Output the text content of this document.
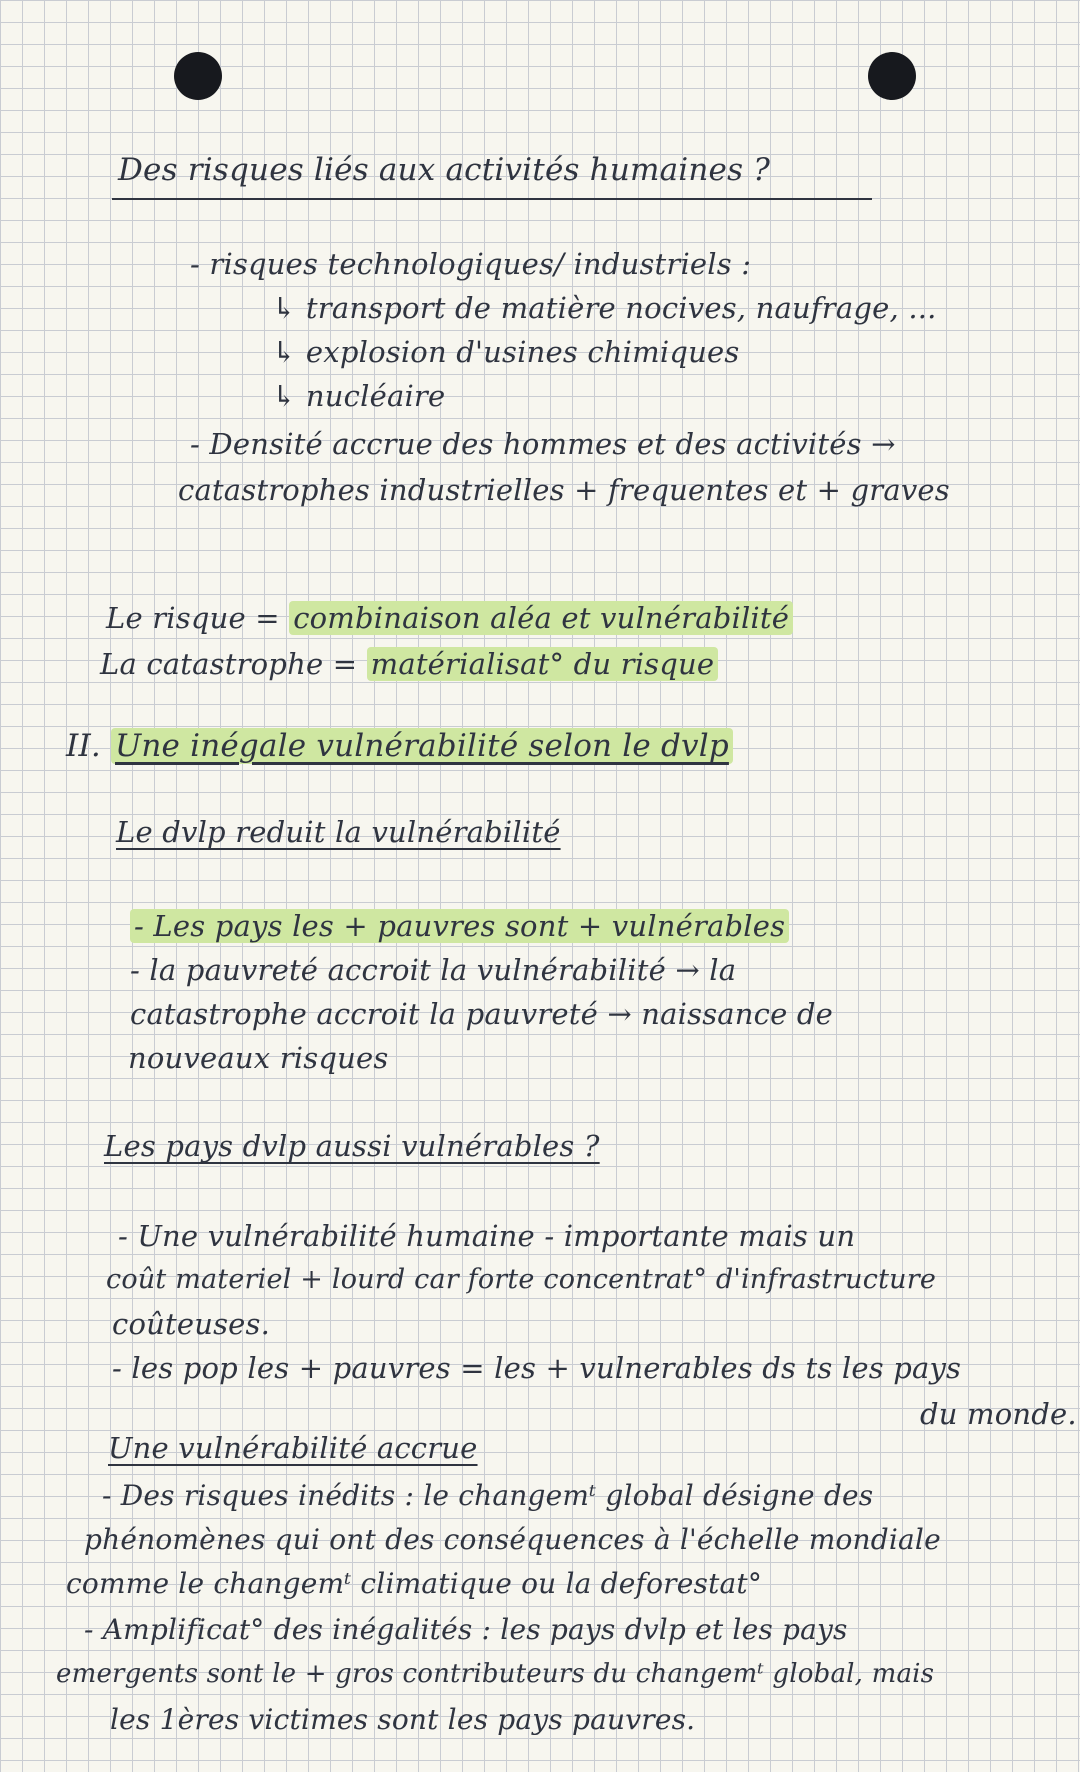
Des risques liés aux activités humaines ?
- risques technologiques/ industriels :
↳ transport de matière nocives, naufrage, ...
↳ explosion d'usines chimiques
↳ nucléaire
- Densité accrue des hommes et des activités →
catastrophes industrielles + frequentes et + graves
Le risque = combinaison aléa et vulnérabilité
La catastrophe = matérialisat° du risque
II. Une inégale vulnérabilité selon le dvlp
Le dvlp reduit la vulnérabilité
- Les pays les + pauvres sont + vulnérables
- la pauvreté accroit la vulnérabilité → la
catastrophe accroit la pauvreté → naissance de
nouveaux risques
Les pays dvlp aussi vulnérables ?
- Une vulnérabilité humaine - importante mais un
coût materiel + lourd car forte concentrat° d'infrastructure
coûteuses.
- les pop les + pauvres = les + vulnerables ds ts les pays
du monde.
Une vulnérabilité accrue
- Des risques inédits : le changemᵗ global désigne des
phénomènes qui ont des conséquences à l'échelle mondiale
comme le changemᵗ climatique ou la deforestat°
- Amplificat° des inégalités : les pays dvlp et les pays
emergents sont le + gros contributeurs du changemᵗ global, mais
les 1ères victimes sont les pays pauvres.
